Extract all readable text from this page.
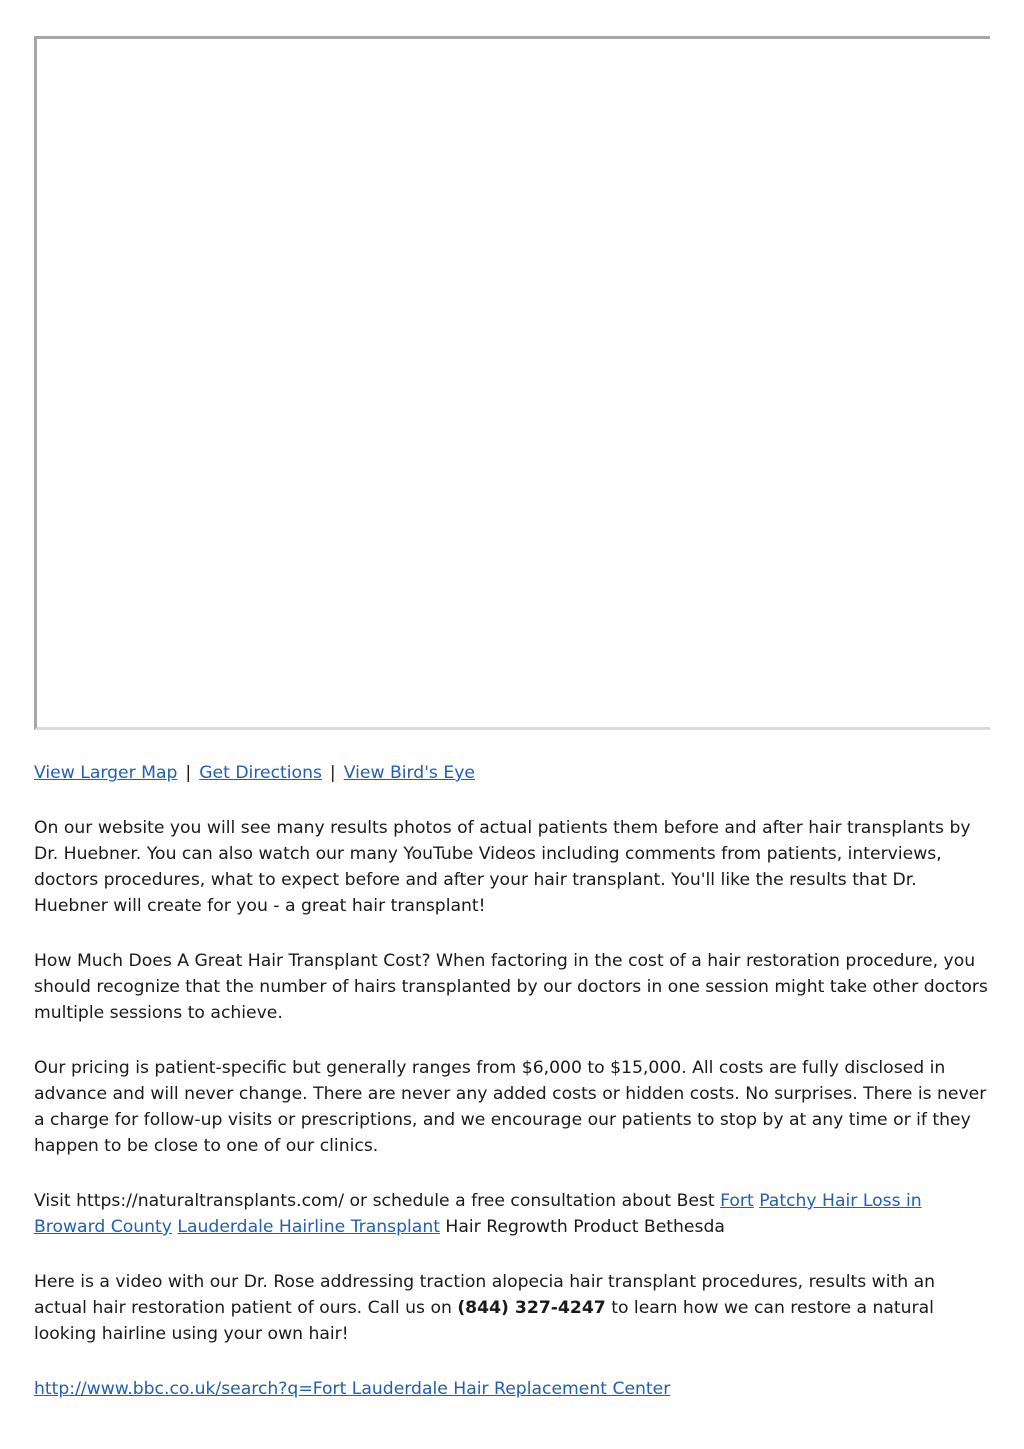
View Larger Map | Get Directions | View Bird's Eye

On our website you will see many results photos of actual patients them before and after hair transplants by Dr. Huebner. You can also watch our many YouTube Videos including comments from patients, interviews, doctors procedures, what to expect before and after your hair transplant. You'll like the results that Dr. Huebner will create for you - a great hair transplant!

How Much Does A Great Hair Transplant Cost? When factoring in the cost of a hair restoration procedure, you should recognize that the number of hairs transplanted by our doctors in one session might take other doctors multiple sessions to achieve.

Our pricing is patient-specific but generally ranges from $6,000 to $15,000. All costs are fully disclosed in advance and will never change. There are never any added costs or hidden costs. No surprises. There is never a charge for follow-up visits or prescriptions, and we encourage our patients to stop by at any time or if they happen to be close to one of our clinics.

Visit https://naturaltransplants.com/ or schedule a free consultation about Best Fort Patchy Hair Loss in Broward County Lauderdale Hairline Transplant Hair Regrowth Product Bethesda

Here is a video with our Dr. Rose addressing traction alopecia hair transplant procedures, results with an actual hair restoration patient of ours. Call us on (844) 327-4247 to learn how we can restore a natural looking hairline using your own hair!

http://www.bbc.co.uk/search?q=Fort Lauderdale Hair Replacement Center
